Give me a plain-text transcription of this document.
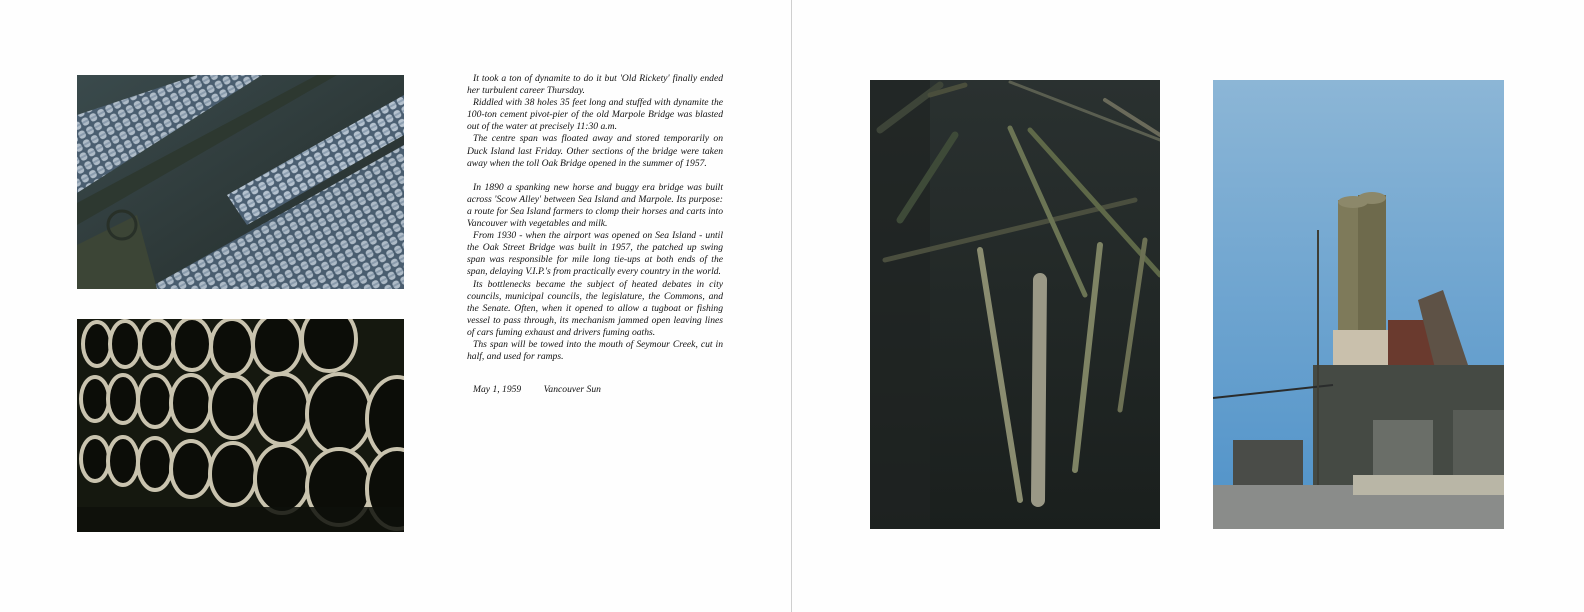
It took a ton of dynamite to do it but 'Old Rickety' finally ended her turbulent career Thursday.

Riddled with 38 holes 35 feet long and stuffed with dynamite the 100-ton cement pivot-pier of the old Marpole Bridge was blasted out of the water at precisely 11:30 a.m.

The centre span was floated away and stored temporarily on Duck Island last Friday. Other sections of the bridge were taken away when the toll Oak Bridge opened in the summer of 1957.

In 1890 a spanking new horse and buggy era bridge was built across 'Scow Alley' between Sea Island and Marpole. Its purpose: a route for Sea Island farmers to clomp their horses and carts into Vancouver with vegetables and milk.

From 1930 - when the airport was opened on Sea Island - until the Oak Street Bridge was built in 1957, the patched up swing span was responsible for mile long tie-ups at both ends of the span, delaying V.I.P.'s from practically every country in the world.

Its bottlenecks became the subject of heated debates in city councils, municipal councils, the legislature, the Commons, and the Senate. Often, when it opened to allow a tugboat or fishing vessel to pass through, its mechanism jammed open leaving lines of cars fuming exhaust and drivers fuming oaths.

Ths span will be towed into the mouth of Seymour Creek, cut in half, and used for ramps.

May 1, 1959 Vancouver Sun
